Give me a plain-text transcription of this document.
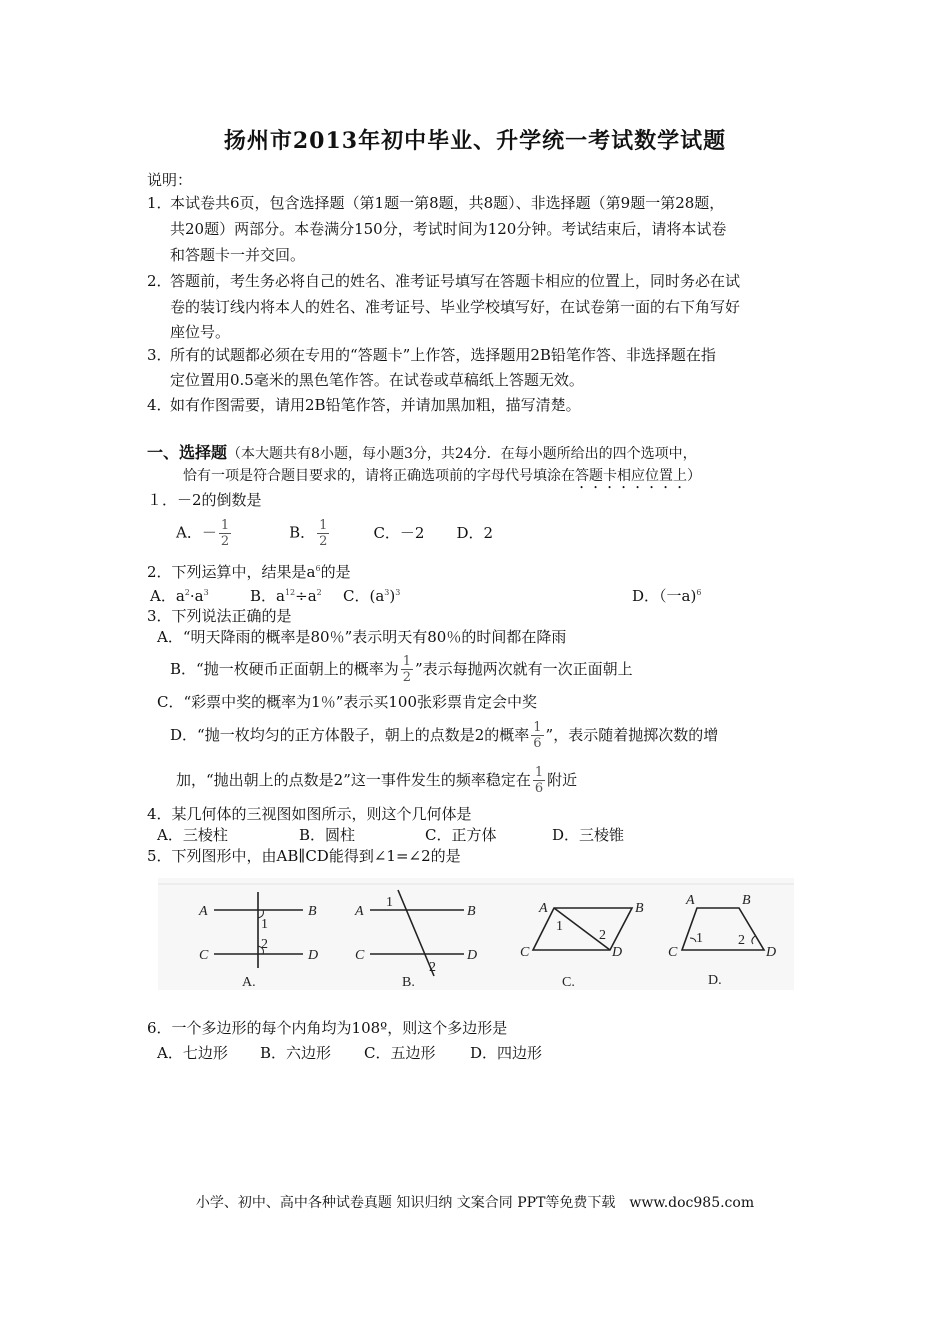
扬州市2013年初中毕业、升学统一考试数学试题
说明：
1．
本试卷共6页，包含选择题（第1题一第8题，共8题）、非选择题（第9题一第28题，
共20题）两部分。本卷满分150分，考试时间为120分钟。考试结束后，请将本试卷
和答题卡一并交回。
2．
答题前，考生务必将自己的姓名、准考证号填写在答题卡相应的位置上，同时务必在试
卷的装订线内将本人的姓名、准考证号、毕业学校填写好，在试卷第一面的右下角写好
座位号。
3．
所有的试题都必须在专用的“答题卡”上作答，选择题用2B铅笔作答、非选择题在指
定位置用0.5毫米的黑色笔作答。在试卷或草稿纸上答题无效。
4．
如有作图需要，请用2B铅笔作答，并请加黑加粗，描写清楚。
一、选择题（本大题共有8小题，每小题3分，共24分．在每小题所给出的四个选项中，
恰有一项是符合题目要求的，请将正确选项前的字母代号填涂在答题卡相应位置上）
１．－2的倒数是
A．－ $\frac{1}{2}$	B． $\frac{1}{2}$	C．－2 D．2
2．下列运算中，结果是$a^6$的是
A．$a^2\cdot a^3$	B．$a^{12}\div a^2$ C．$(a^3)^3$	D．（一a)$^6$
3．下列说法正确的是
A．“明天降雨的概率是80％”表示明天有80％的时间都在降雨
B．“抛一枚硬币正面朝上的概率为 $\frac{1}{2}$ ”表示每抛两次就有一次正面朝上
C．“彩票中奖的概率为1％”表示买100张彩票肯定会中奖
D．“抛一枚均匀的正方体骰子，朝上的点数是2的概率 $\frac{1}{6}$ ”，表示随着抛掷次数的增
加，“抛出朝上的点数是2”这一事件发生的频率稳定在 $\frac{1}{6}$ 附近
4．某几何体的三视图如图所示，则这个几何体是
A．三棱柱	B．圆柱	C．正方体	D．三棱锥
5．下列图形中，由AB∥CD能得到∠1=∠2的是
A	B
C	D
1
2
A.
A	B
C	D
1
2
B.
A	B
C	D
1
2
C.
A	B
C	D
1	2
D.
6．一个多边形的每个内角均为108º，则这个多边形是
A．七边形 B．六边形 C．五边形 D．四边形
小学、初中、高中各种试卷真题 知识归纳 文案合同 PPT等免费下载　www.doc985.com
